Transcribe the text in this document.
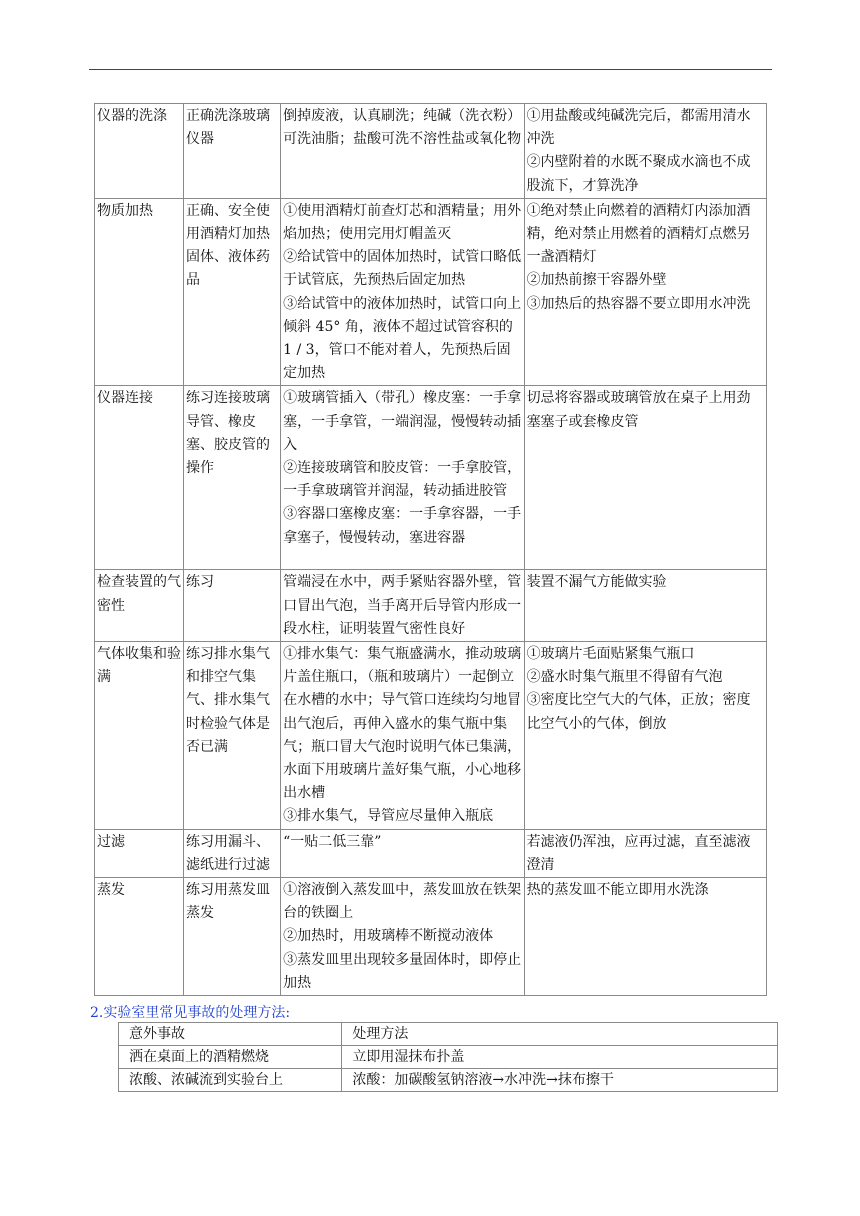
仪器的洗涤	正确洗涤玻璃仪器	倒掉废液，认真刷洗；纯碱（洗衣粉）可洗油脂；盐酸可洗不溶性盐或氧化物	①用盐酸或纯碱洗完后，都需用清水冲洗
②内壁附着的水既不聚成水滴也不成股流下，才算洗净

物质加热	正确、安全使用酒精灯加热固体、液体药品	①使用酒精灯前查灯芯和酒精量；用外焰加热；使用完用灯帽盖灭
②给试管中的固体加热时，试管口略低于试管底，先预热后固定加热
③给试管中的液体加热时，试管口向上倾斜 45° 角，液体不超过试管容积的 1 / 3，管口不能对着人，先预热后固定加热	①绝对禁止向燃着的酒精灯内添加酒精，绝对禁止用燃着的酒精灯点燃另一盏酒精灯
②加热前擦干容器外壁
③加热后的热容器不要立即用水冲洗

仪器连接	练习连接玻璃导管、橡皮塞、胶皮管的操作	①玻璃管插入（带孔）橡皮塞：一手拿塞，一手拿管，一端润湿，慢慢转动插入
②连接玻璃管和胶皮管：一手拿胶管，一手拿玻璃管并润湿，转动插进胶管
③容器口塞橡皮塞：一手拿容器，一手拿塞子，慢慢转动，塞进容器	切忌将容器或玻璃管放在桌子上用劲塞塞子或套橡皮管

检查装置的气密性	练习	管端浸在水中，两手紧贴容器外壁，管口冒出气泡，当手离开后导管内形成一段水柱，证明装置气密性良好	装置不漏气方能做实验

气体收集和验满	练习排水集气和排空气集气、排水集气时检验气体是否已满	①排水集气：集气瓶盛满水，推动玻璃片盖住瓶口，（瓶和玻璃片）一起倒立在水槽的水中；导气管口连续均匀地冒出气泡后，再伸入盛水的集气瓶中集气；瓶口冒大气泡时说明气体已集满，水面下用玻璃片盖好集气瓶，小心地移出水槽
③排水集气，导管应尽量伸入瓶底	①玻璃片毛面贴紧集气瓶口
②盛水时集气瓶里不得留有气泡
③密度比空气大的气体，正放；密度比空气小的气体，倒放

过滤	练习用漏斗、滤纸进行过滤	“一贴二低三靠”	若滤液仍浑浊，应再过滤，直至滤液澄清

蒸发	练习用蒸发皿蒸发	①溶液倒入蒸发皿中，蒸发皿放在铁架台的铁圈上
②加热时，用玻璃棒不断搅动液体
③蒸发皿里出现较多量固体时，即停止加热	热的蒸发皿不能立即用水洗涤
2.实验室里常见事故的处理方法:
意外事故	处理方法
洒在桌面上的酒精燃烧	立即用湿抹布扑盖
浓酸、浓碱流到实验台上	浓酸：加碳酸氢钠溶液→水冲洗→抹布擦干
